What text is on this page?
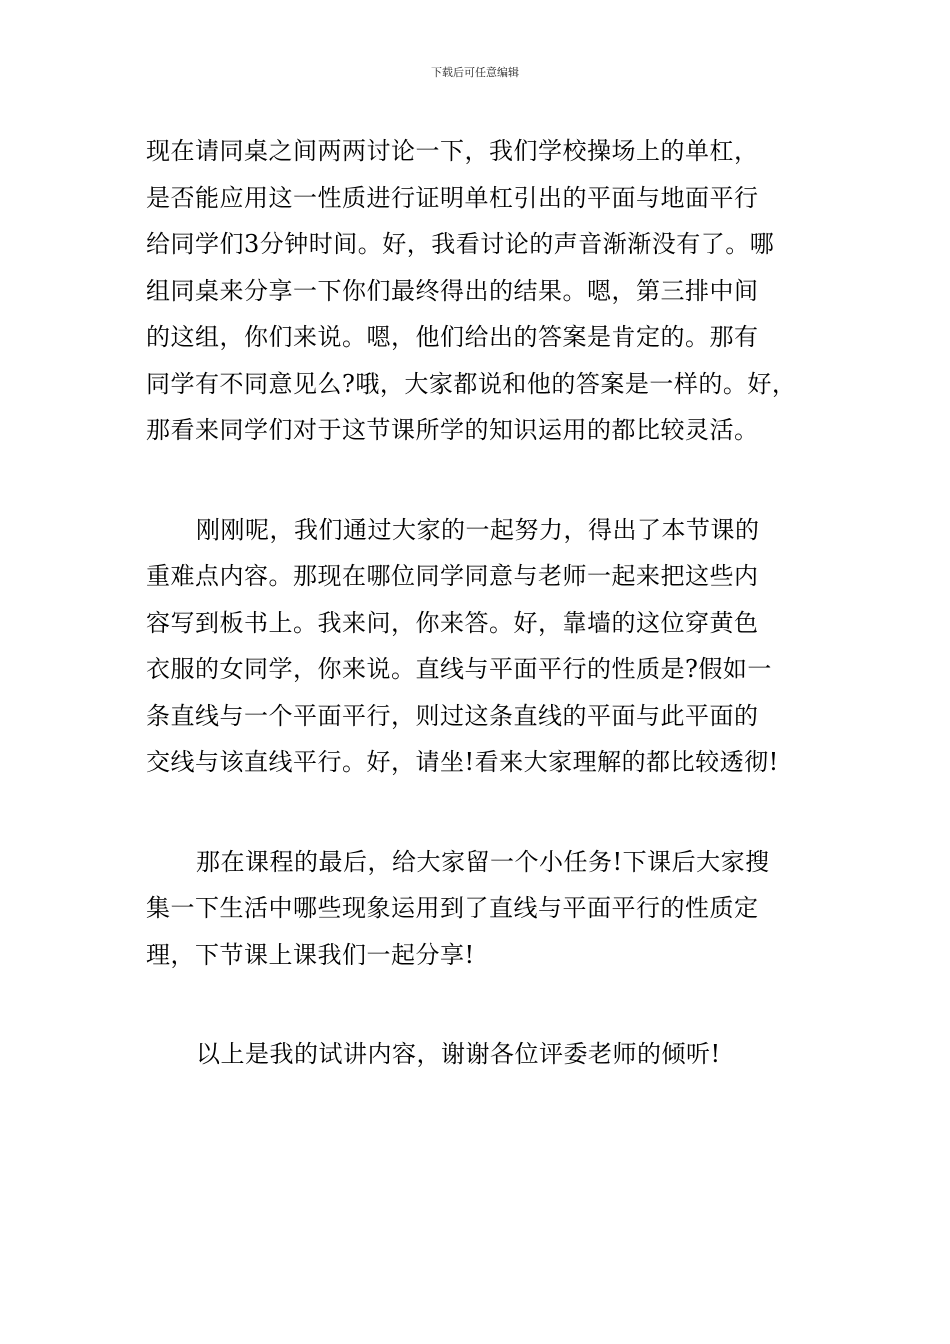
下载后可任意编辑
现在请同桌之间两两讨论一下，我们学校操场上的单杠，
是否能应用这一性质进行证明单杠引出的平面与地面平行
给同学们3分钟时间。好，我看讨论的声音渐渐没有了。哪
组同桌来分享一下你们最终得出的结果。嗯，第三排中间
的这组，你们来说。嗯，他们给出的答案是肯定的。那有
同学有不同意见么?哦，大家都说和他的答案是一样的。好，
那看来同学们对于这节课所学的知识运用的都比较灵活。
刚刚呢，我们通过大家的一起努力，得出了本节课的
重难点内容。那现在哪位同学同意与老师一起来把这些内
容写到板书上。我来问，你来答。好，靠墙的这位穿黄色
衣服的女同学，你来说。直线与平面平行的性质是?假如一
条直线与一个平面平行，则过这条直线的平面与此平面的
交线与该直线平行。好，请坐!看来大家理解的都比较透彻!
那在课程的最后，给大家留一个小任务!下课后大家搜
集一下生活中哪些现象运用到了直线与平面平行的性质定
理，下节课上课我们一起分享!
以上是我的试讲内容，谢谢各位评委老师的倾听!
